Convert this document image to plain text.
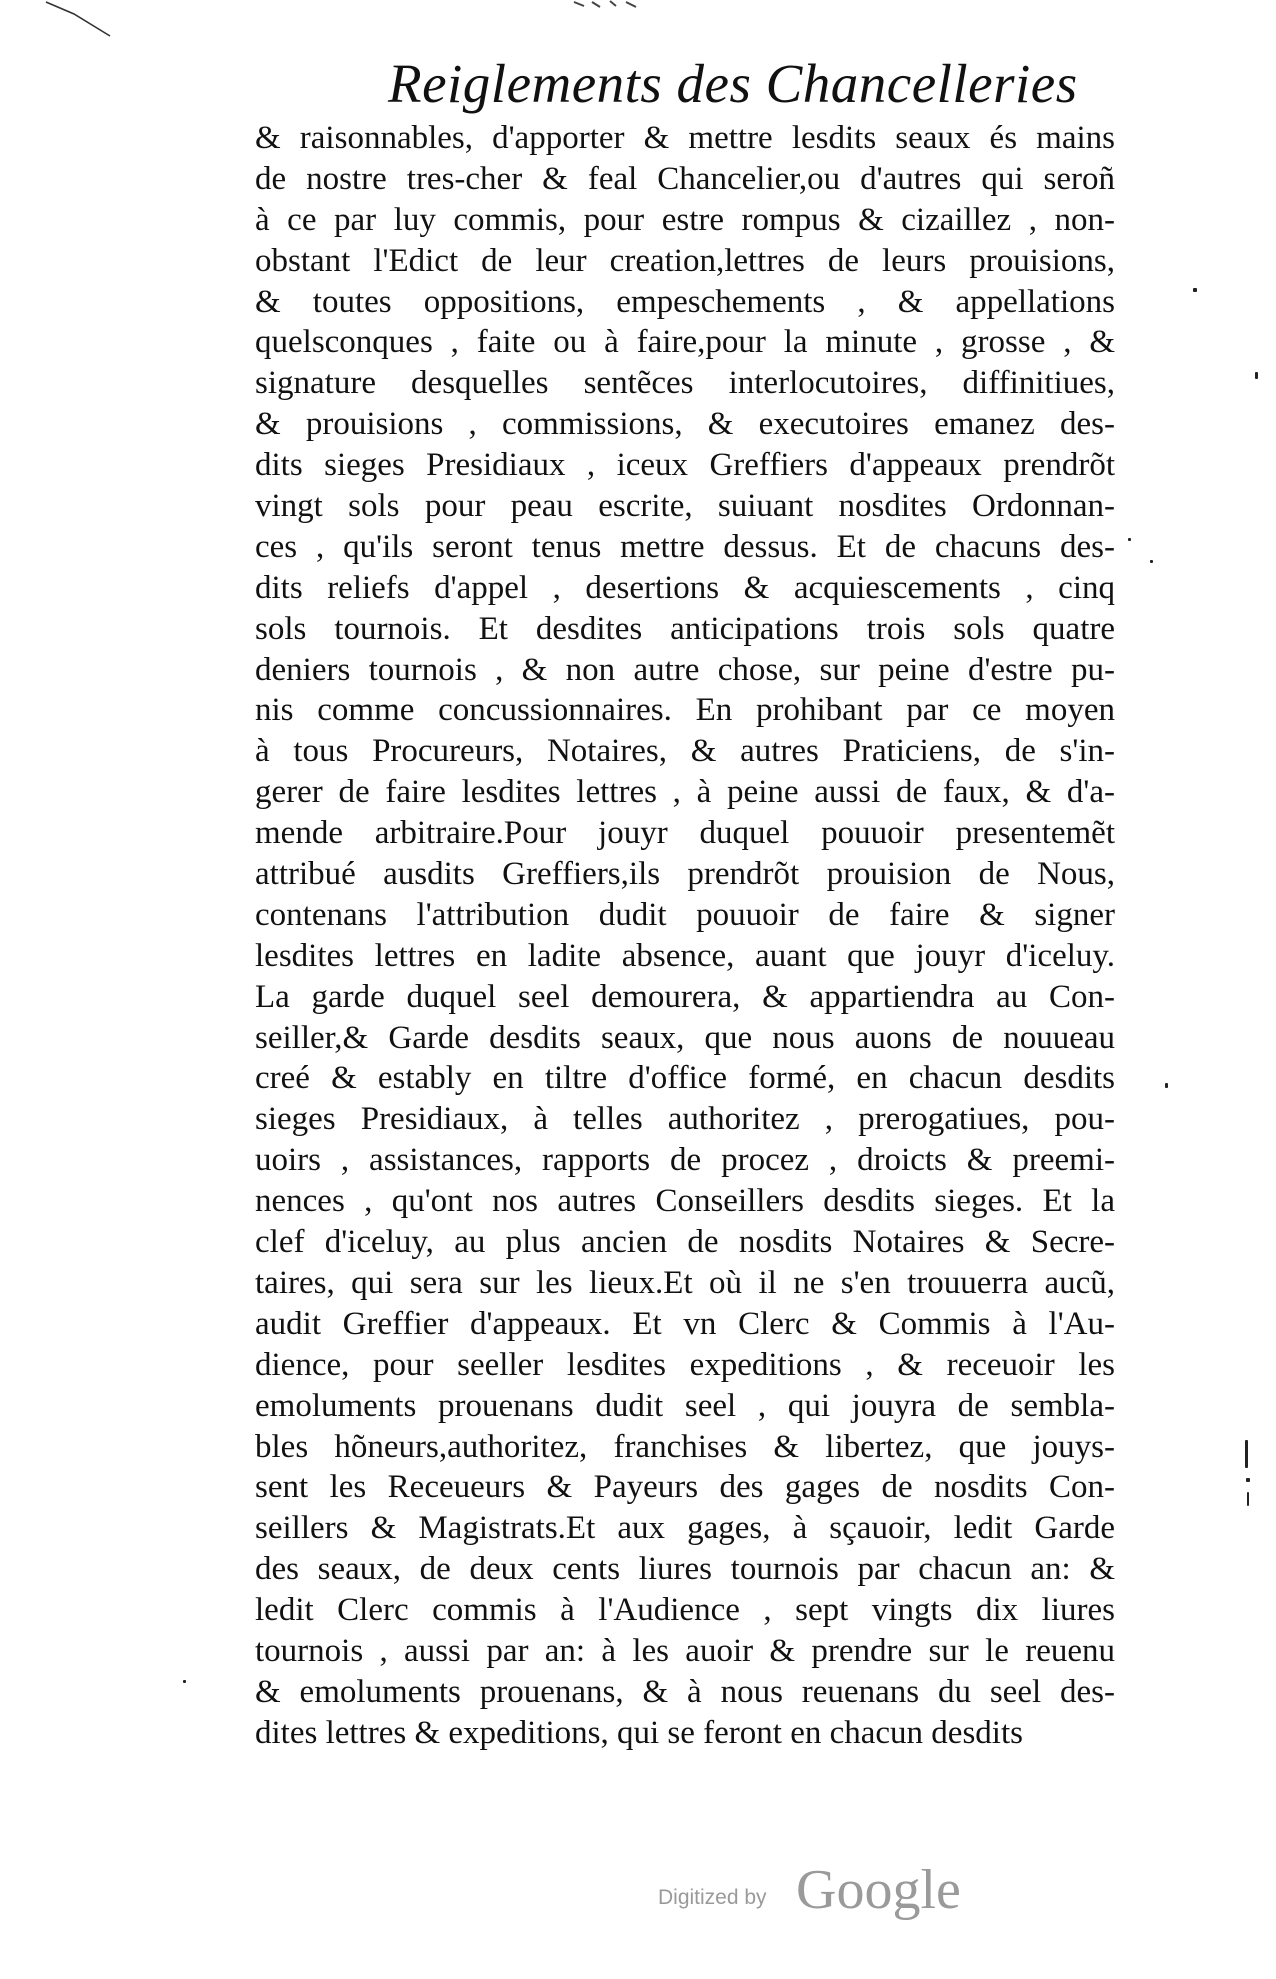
Reiglements des Chancelleries
& raisonnables, d'apporter & mettre lesdits seaux és mains
de nostre tres-cher & feal Chancelier,ou d'autres qui seroñ
à ce par luy commis, pour estre rompus & cizaillez , non-
obstant l'Edict de leur creation,lettres de leurs prouisions,
& toutes oppositions, empeschements , & appellations
quelsconques , faite ou à faire,pour la minute , grosse , &
signature desquelles sentẽces interlocutoires, diffinitiues,
& prouisions , commissions, & executoires emanez des-
dits sieges Presidiaux , iceux Greffiers d'appeaux prendrõt
vingt sols pour peau escrite, suiuant nosdites Ordonnan-
ces , qu'ils seront tenus mettre dessus. Et de chacuns des-
dits reliefs d'appel , desertions & acquiescements , cinq
sols tournois. Et desdites anticipations trois sols quatre
deniers tournois , & non autre chose, sur peine d'estre pu-
nis comme concussionnaires. En prohibant par ce moyen
à tous Procureurs, Notaires, & autres Praticiens, de s'in-
gerer de faire lesdites lettres , à peine aussi de faux, & d'a-
mende arbitraire.Pour jouyr duquel pouuoir presentemẽt
attribué ausdits Greffiers,ils prendrõt prouision de Nous,
contenans l'attribution dudit pouuoir de faire & signer
lesdites lettres en ladite absence, auant que jouyr d'iceluy.
La garde duquel seel demourera, & appartiendra au Con-
seiller,& Garde desdits seaux, que nous auons de nouueau
creé & estably en tiltre d'office formé, en chacun desdits
sieges Presidiaux, à telles authoritez , prerogatiues, pou-
uoirs , assistances, rapports de procez , droicts & preemi-
nences , qu'ont nos autres Conseillers desdits sieges. Et la
clef d'iceluy, au plus ancien de nosdits Notaires & Secre-
taires, qui sera sur les lieux.Et où il ne s'en trouuerra aucũ,
audit Greffier d'appeaux. Et vn Clerc & Commis à l'Au-
dience, pour seeller lesdites expeditions , & receuoir les
emoluments prouenans dudit seel , qui jouyra de sembla-
bles hõneurs,authoritez, franchises & libertez, que jouys-
sent les Receueurs & Payeurs des gages de nosdits Con-
seillers & Magistrats.Et aux gages, à sçauoir, ledit Garde
des seaux, de deux cents liures tournois par chacun an: &
ledit Clerc commis à l'Audience , sept vingts dix liures
tournois , aussi par an: à les auoir & prendre sur le reuenu
& emoluments prouenans, & à nous reuenans du seel des-
dites lettres & expeditions, qui se feront en chacun desdits
Digitized by Google
